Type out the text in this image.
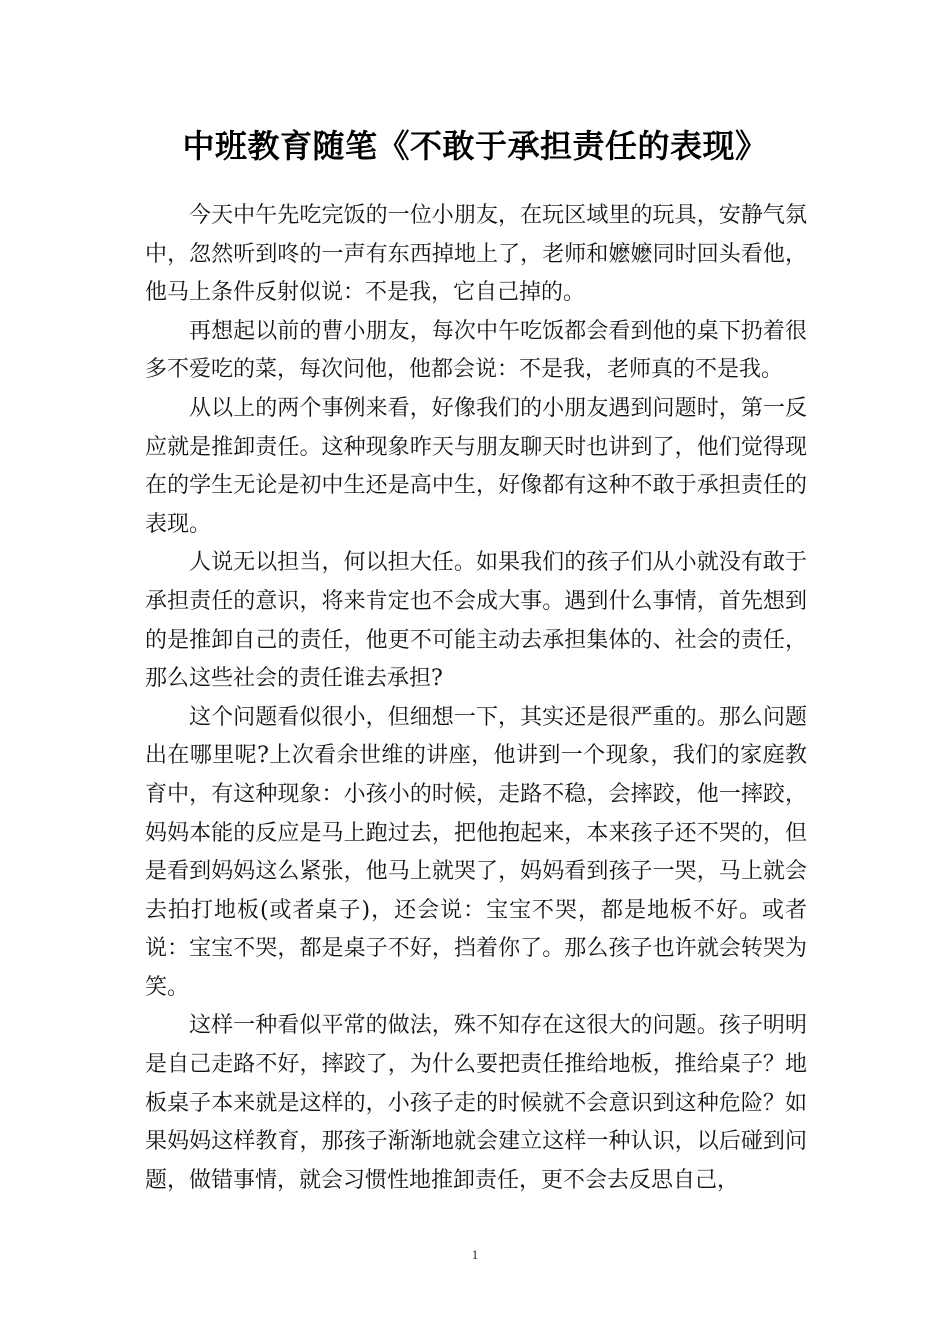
中班教育随笔《不敢于承担责任的表现》

今天中午先吃完饭的一位小朋友，在玩区域里的玩具，安静气氛中，忽然听到咚的一声有东西掉地上了，老师和嬷嬷同时回头看他，他马上条件反射似说：不是我，它自己掉的。

再想起以前的曹小朋友，每次中午吃饭都会看到他的桌下扔着很多不爱吃的菜，每次问他，他都会说：不是我，老师真的不是我。

从以上的两个事例来看，好像我们的小朋友遇到问题时，第一反应就是推卸责任。这种现象昨天与朋友聊天时也讲到了，他们觉得现在的学生无论是初中生还是高中生，好像都有这种不敢于承担责任的表现。

人说无以担当，何以担大任。如果我们的孩子们从小就没有敢于承担责任的意识，将来肯定也不会成大事。遇到什么事情，首先想到的是推卸自己的责任，他更不可能主动去承担集体的、社会的责任，那么这些社会的责任谁去承担?

这个问题看似很小，但细想一下，其实还是很严重的。那么问题出在哪里呢?上次看余世维的讲座，他讲到一个现象，我们的家庭教育中，有这种现象：小孩小的时候，走路不稳，会摔跤，他一摔跤，妈妈本能的反应是马上跑过去，把他抱起来，本来孩子还不哭的，但是看到妈妈这么紧张，他马上就哭了，妈妈看到孩子一哭，马上就会去拍打地板(或者桌子)，还会说：宝宝不哭，都是地板不好。或者说：宝宝不哭，都是桌子不好，挡着你了。那么孩子也许就会转哭为笑。

这样一种看似平常的做法，殊不知存在这很大的问题。孩子明明是自己走路不好，摔跤了，为什么要把责任推给地板，推给桌子？地板桌子本来就是这样的，小孩子走的时候就不会意识到这种危险？如果妈妈这样教育，那孩子渐渐地就会建立这样一种认识，以后碰到问题，做错事情，就会习惯性地推卸责任，更不会去反思自己，

1
